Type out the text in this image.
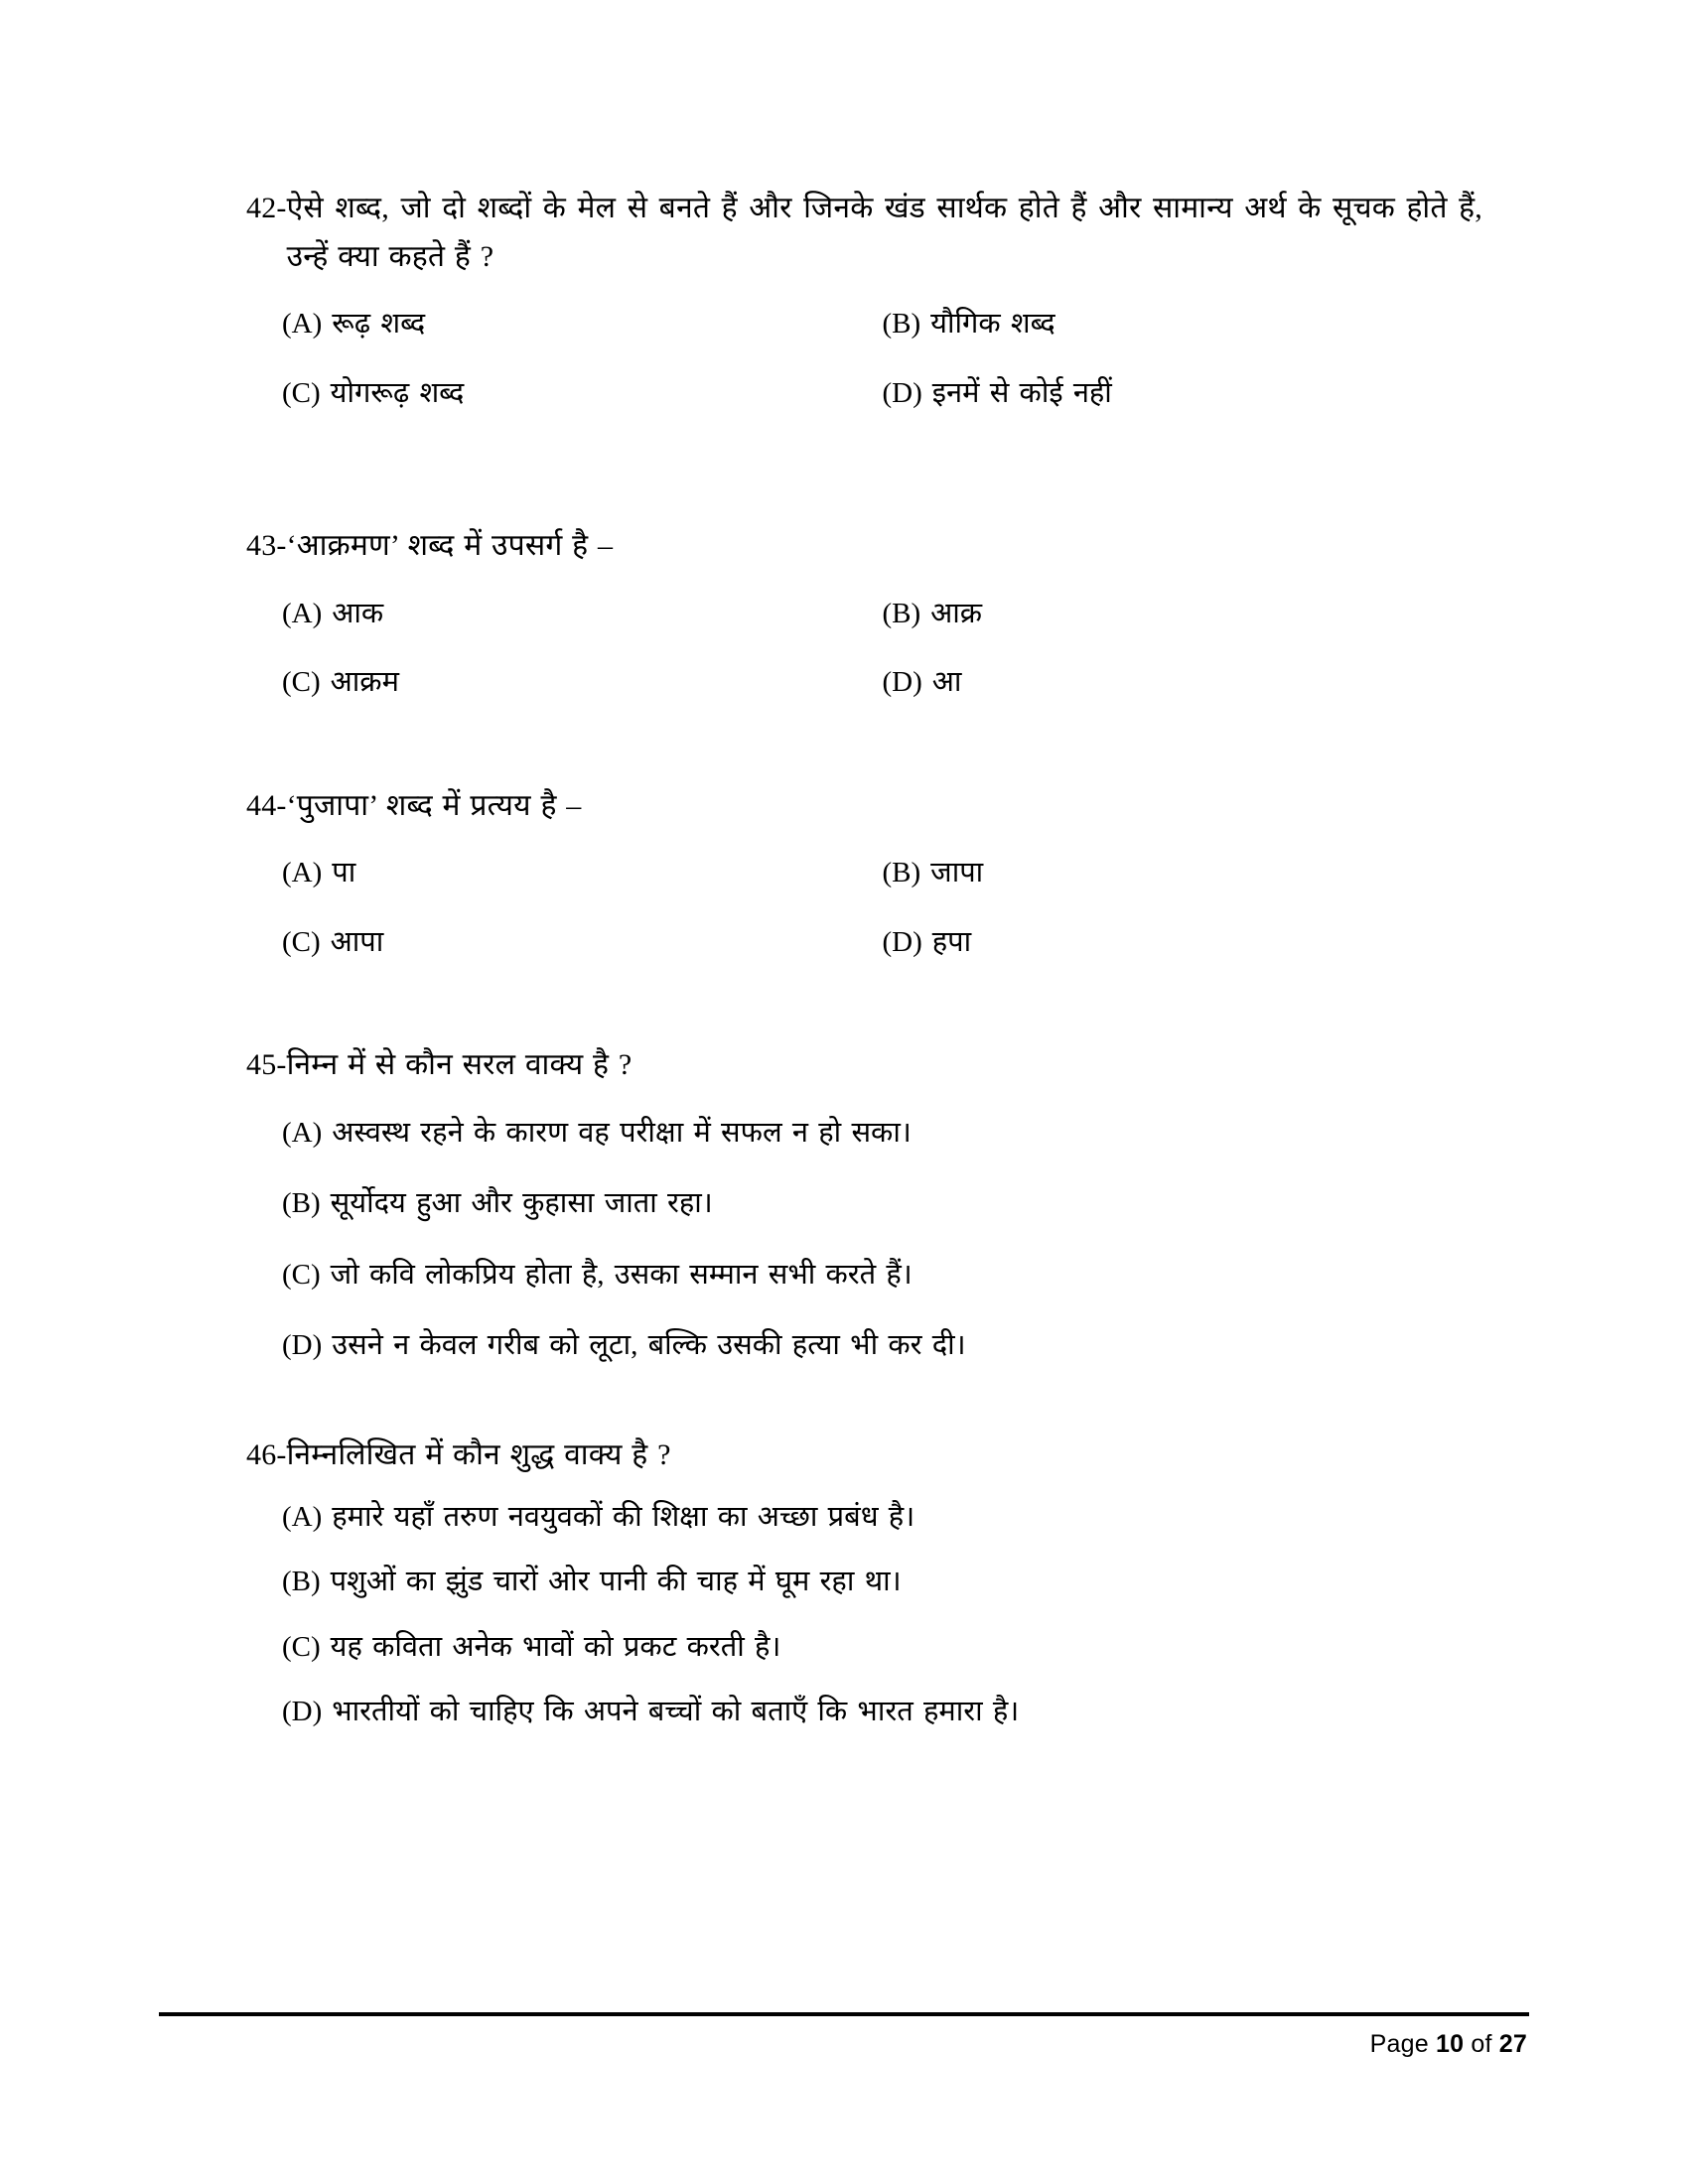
42- ऐसे शब्द, जो दो शब्दों के मेल से बनते हैं और जिनके खंड सार्थक होते हैं और सामान्य अर्थ के सूचक होते हैं, उन्हें क्या कहते हैं ?
(A) रूढ़ शब्द	(B) यौगिक शब्द
(C) योगरूढ़ शब्द	(D) इनमें से कोई नहीं
43- ‘आक्रमण’ शब्द में उपसर्ग है –
(A) आक	(B) आक्र
(C) आक्रम	(D) आ
44- ‘पुजापा’ शब्द में प्रत्यय है –
(A) पा	(B) जापा
(C) आपा	(D) हपा
45- निम्न में से कौन सरल वाक्य है ?
(A) अस्वस्थ रहने के कारण वह परीक्षा में सफल न हो सका।
(B) सूर्योदय हुआ और कुहासा जाता रहा।
(C) जो कवि लोकप्रिय होता है, उसका सम्मान सभी करते हैं।
(D) उसने न केवल गरीब को लूटा, बल्कि उसकी हत्या भी कर दी।
46- निम्नलिखित में कौन शुद्ध वाक्य है ?
(A) हमारे यहाँ तरुण नवयुवकों की शिक्षा का अच्छा प्रबंध है।
(B) पशुओं का झुंड चारों ओर पानी की चाह में घूम रहा था।
(C) यह कविता अनेक भावों को प्रकट करती है।
(D) भारतीयों को चाहिए कि अपने बच्चों को बताएँ कि भारत हमारा है।
Page 10 of 27
